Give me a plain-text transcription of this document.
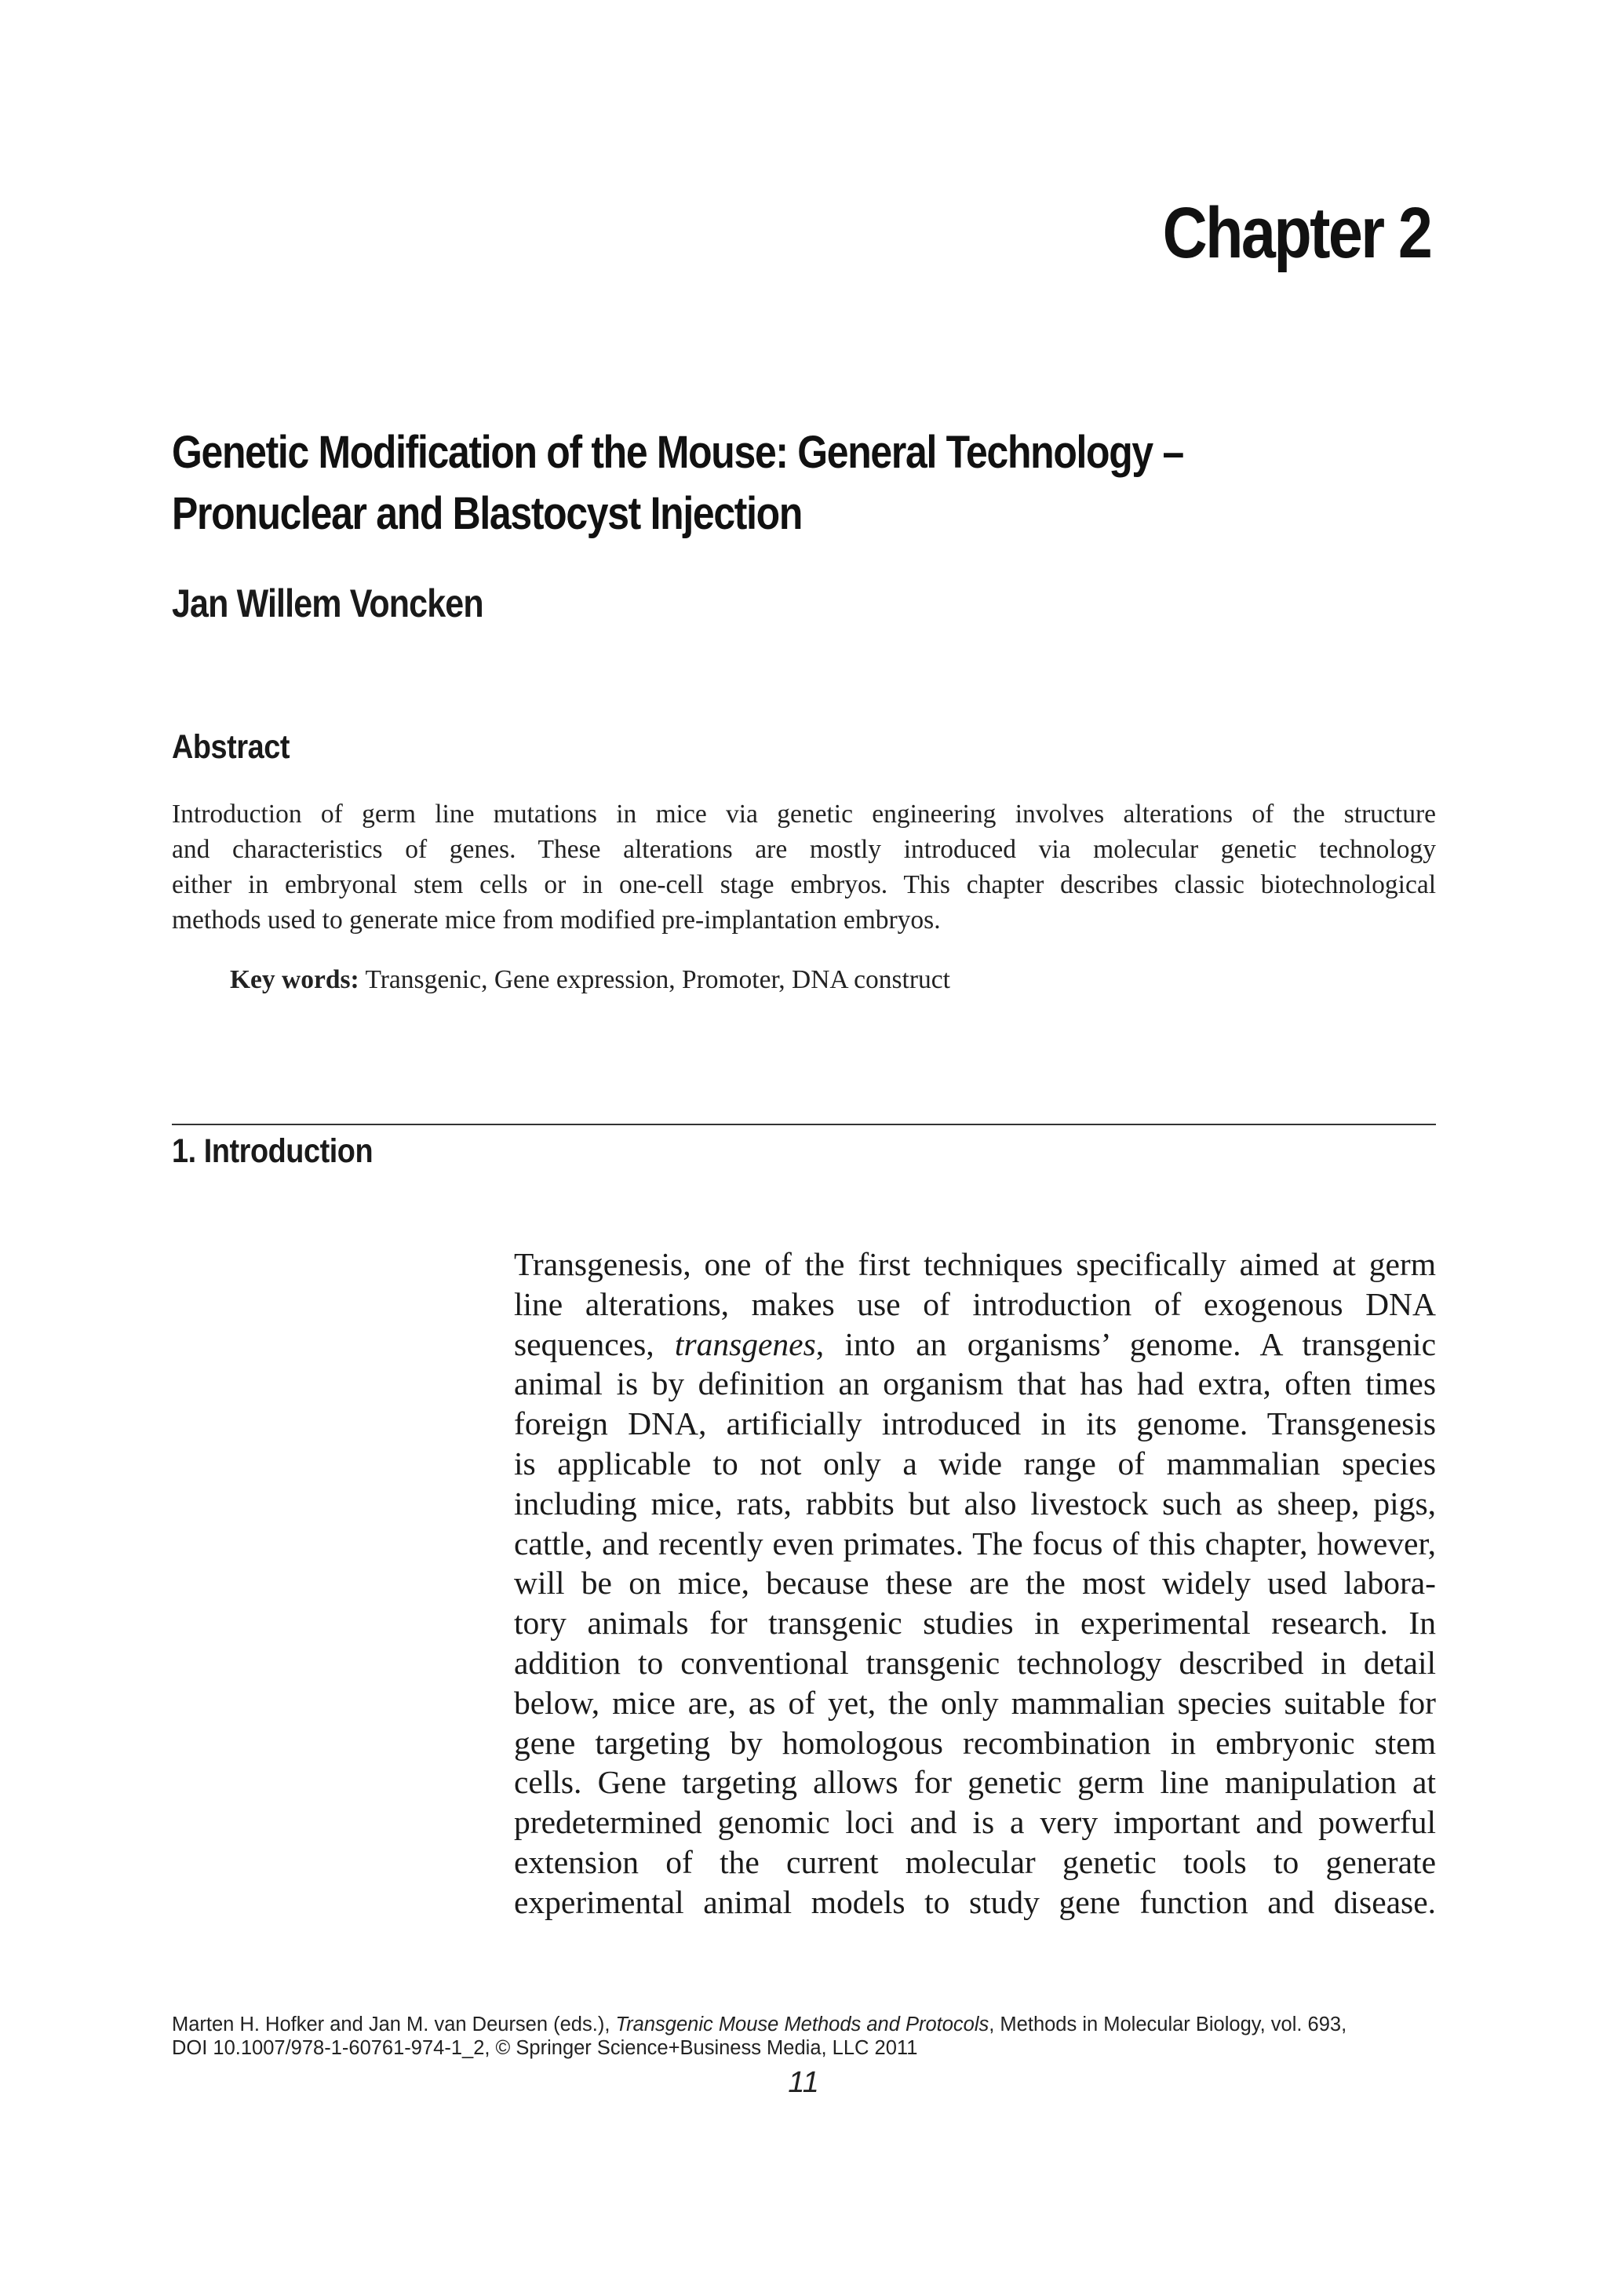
Chapter 2
Genetic Modification of the Mouse: General Technology –
Pronuclear and Blastocyst Injection
Jan Willem Voncken
Abstract
Introduction of germ line mutations in mice via genetic engineering involves alterations of the structure
and characteristics of genes. These alterations are mostly introduced via molecular genetic technology
either in embryonal stem cells or in one-cell stage embryos. This chapter describes classic biotechnological
methods used to generate mice from modified pre-implantation embryos.
Key words: Transgenic, Gene expression, Promoter, DNA construct
1. Introduction
Transgenesis, one of the first techniques specifically aimed at germ
line alterations, makes use of introduction of exogenous DNA
sequences, transgenes, into an organisms’ genome. A transgenic
animal is by definition an organism that has had extra, often times
foreign DNA, artificially introduced in its genome. Transgenesis
is applicable to not only a wide range of mammalian species
including mice, rats, rabbits but also livestock such as sheep, pigs,
cattle, and recently even primates. The focus of this chapter, however,
will be on mice, because these are the most widely used labora-
tory animals for transgenic studies in experimental research. In
addition to conventional transgenic technology described in detail
below, mice are, as of yet, the only mammalian species suitable for
gene targeting by homologous recombination in embryonic stem
cells. Gene targeting allows for genetic germ line manipulation at
predetermined genomic loci and is a very important and powerful
extension of the current molecular genetic tools to generate
experimental animal models to study gene function and disease.
Marten H. Hofker and Jan M. van Deursen (eds.), Transgenic Mouse Methods and Protocols, Methods in Molecular Biology, vol. 693,
DOI 10.1007/978-1-60761-974-1_2, © Springer Science+Business Media, LLC 2011
11
